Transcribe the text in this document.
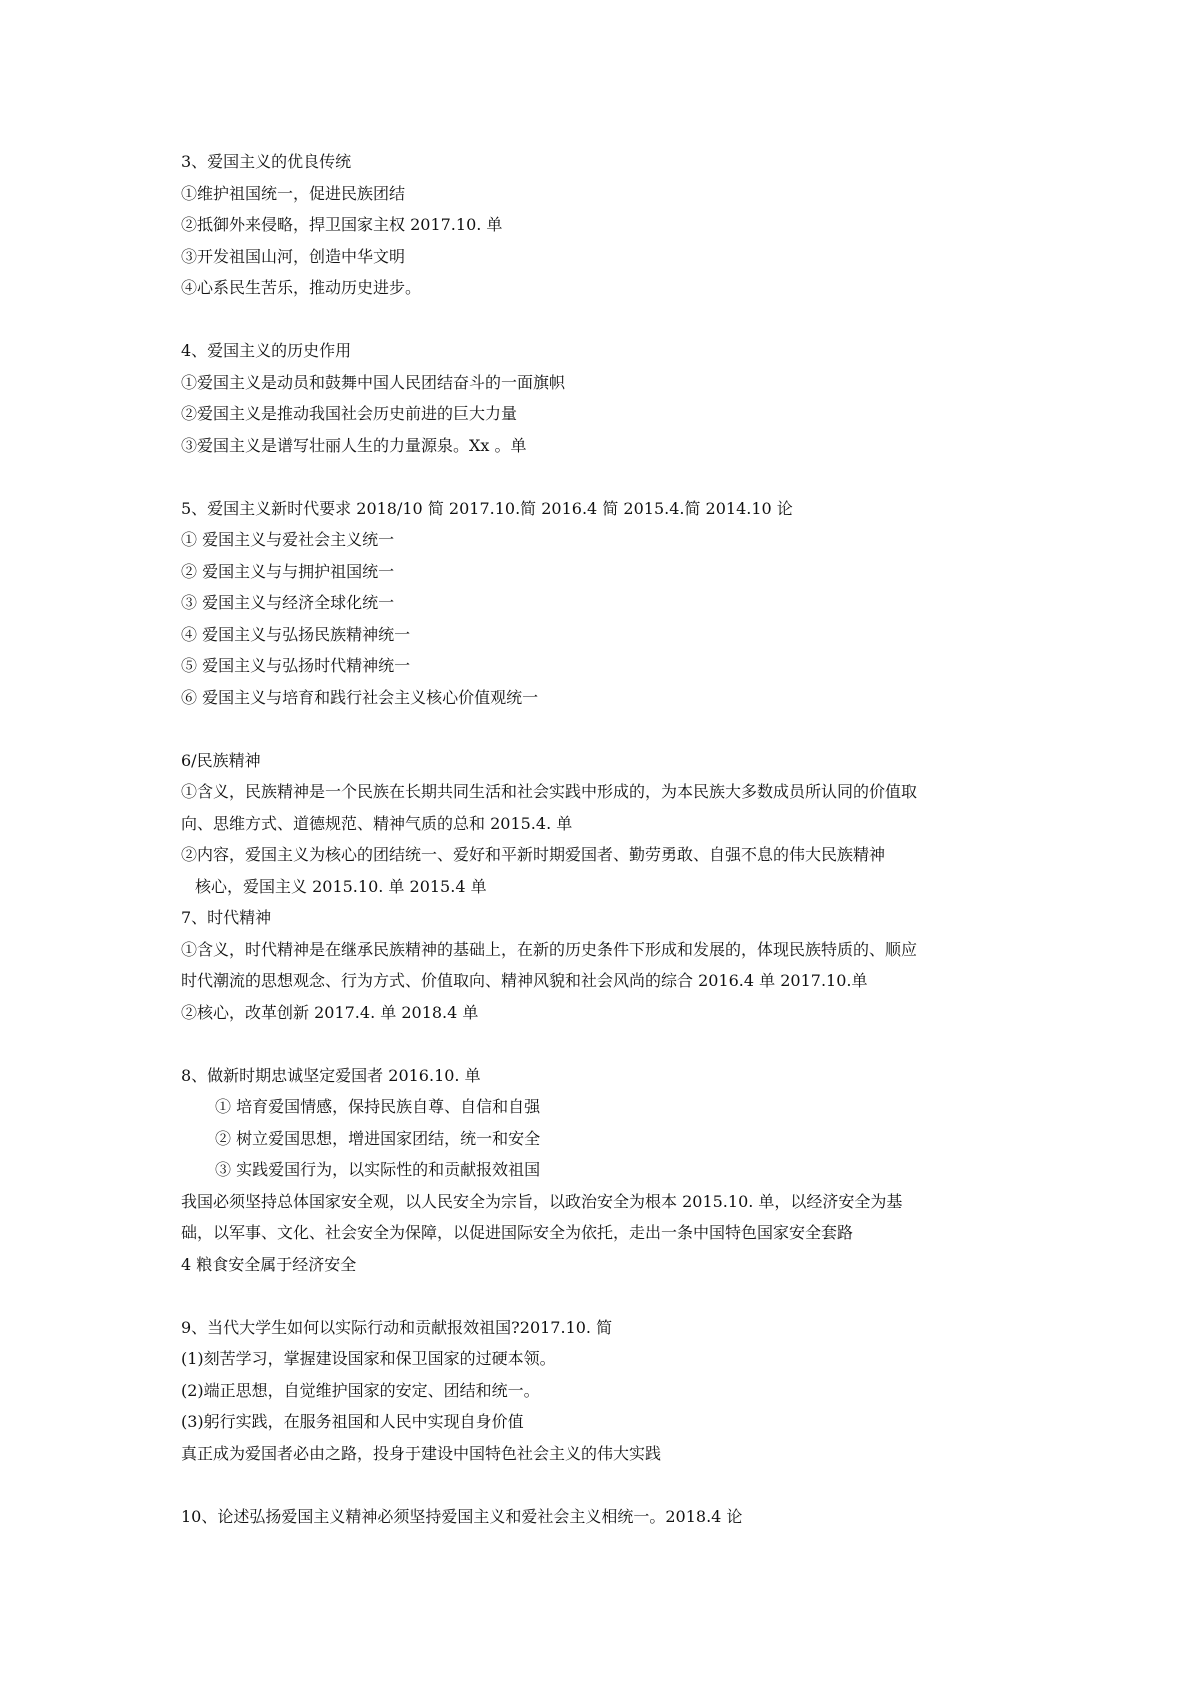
3、爱国主义的优良传统
①维护祖国统一，促进民族团结
②抵御外来侵略，捍卫国家主权 2017.10. 单
③开发祖国山河，创造中华文明
④心系民生苦乐，推动历史进步。
4、爱国主义的历史作用
①爱国主义是动员和鼓舞中国人民团结奋斗的一面旗帜
②爱国主义是推动我国社会历史前进的巨大力量
③爱国主义是谱写壮丽人生的力量源泉。Xx 。单
5、爱国主义新时代要求 2018/10 简 2017.10.简 2016.4 简 2015.4.简 2014.10 论
① 爱国主义与爱社会主义统一
② 爱国主义与与拥护祖国统一
③ 爱国主义与经济全球化统一
④ 爱国主义与弘扬民族精神统一
⑤ 爱国主义与弘扬时代精神统一
⑥ 爱国主义与培育和践行社会主义核心价值观统一
6/民族精神
①含义，民族精神是一个民族在长期共同生活和社会实践中形成的，为本民族大多数成员所认同的价值取
向、思维方式、道德规范、精神气质的总和 2015.4. 单
②内容，爱国主义为核心的团结统一、爱好和平新时期爱国者、勤劳勇敢、自强不息的伟大民族精神
核心，爱国主义 2015.10. 单 2015.4 单
7、时代精神
①含义，时代精神是在继承民族精神的基础上，在新的历史条件下形成和发展的，体现民族特质的、顺应
时代潮流的思想观念、行为方式、价值取向、精神风貌和社会风尚的综合 2016.4 单 2017.10.单
②核心，改革创新 2017.4. 单 2018.4 单
8、做新时期忠诚坚定爱国者 2016.10. 单
① 培育爱国情感，保持民族自尊、自信和自强
② 树立爱国思想，增进国家团结，统一和安全
③ 实践爱国行为，以实际性的和贡献报效祖国
我国必须坚持总体国家安全观，以人民安全为宗旨，以政治安全为根本 2015.10. 单，以经济安全为基
础，以军事、文化、社会安全为保障，以促进国际安全为依托，走出一条中国特色国家安全套路
4 粮食安全属于经济安全
9、当代大学生如何以实际行动和贡献报效祖国?2017.10. 简
(1)刻苦学习，掌握建设国家和保卫国家的过硬本领。
(2)端正思想，自觉维护国家的安定、团结和统一。
(3)躬行实践，在服务祖国和人民中实现自身价值
真正成为爱国者必由之路，投身于建设中国特色社会主义的伟大实践
10、论述弘扬爱国主义精神必须坚持爱国主义和爱社会主义相统一。2018.4 论
